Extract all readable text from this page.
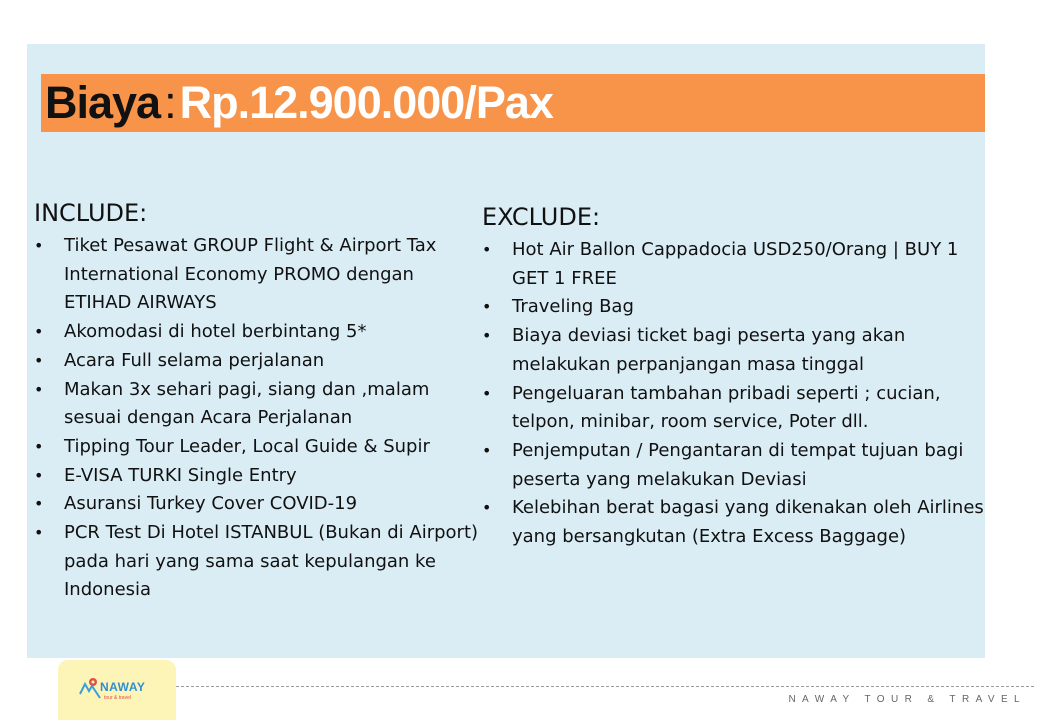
Biaya:Rp.12.900.000/Pax
INCLUDE:
• Tiket Pesawat GROUP Flight & Airport Tax International Economy PROMO dengan ETIHAD AIRWAYS
• Akomodasi di hotel berbintang 5*
• Acara Full selama perjalanan
• Makan 3x sehari pagi, siang dan ,malam sesuai dengan Acara Perjalanan
• Tipping Tour Leader, Local Guide & Supir
• E-VISA TURKI Single Entry
• Asuransi Turkey Cover COVID-19
• PCR Test Di Hotel ISTANBUL (Bukan di Airport) pada hari yang sama saat kepulangan ke Indonesia
EXCLUDE:
• Hot Air Ballon Cappadocia USD250/Orang | BUY 1 GET 1 FREE
• Traveling Bag
• Biaya deviasi ticket bagi peserta yang akan melakukan perpanjangan masa tinggal
• Pengeluaran tambahan pribadi seperti ; cucian, telpon, minibar, room service, Poter dll.
• Penjemputan / Pengantaran di tempat tujuan bagi peserta yang melakukan Deviasi
• Kelebihan berat bagasi yang dikenakan oleh Airlines yang bersangkutan (Extra Excess Baggage)
NAWAY
tour & travel	NAWAY TOUR & TRAVEL
